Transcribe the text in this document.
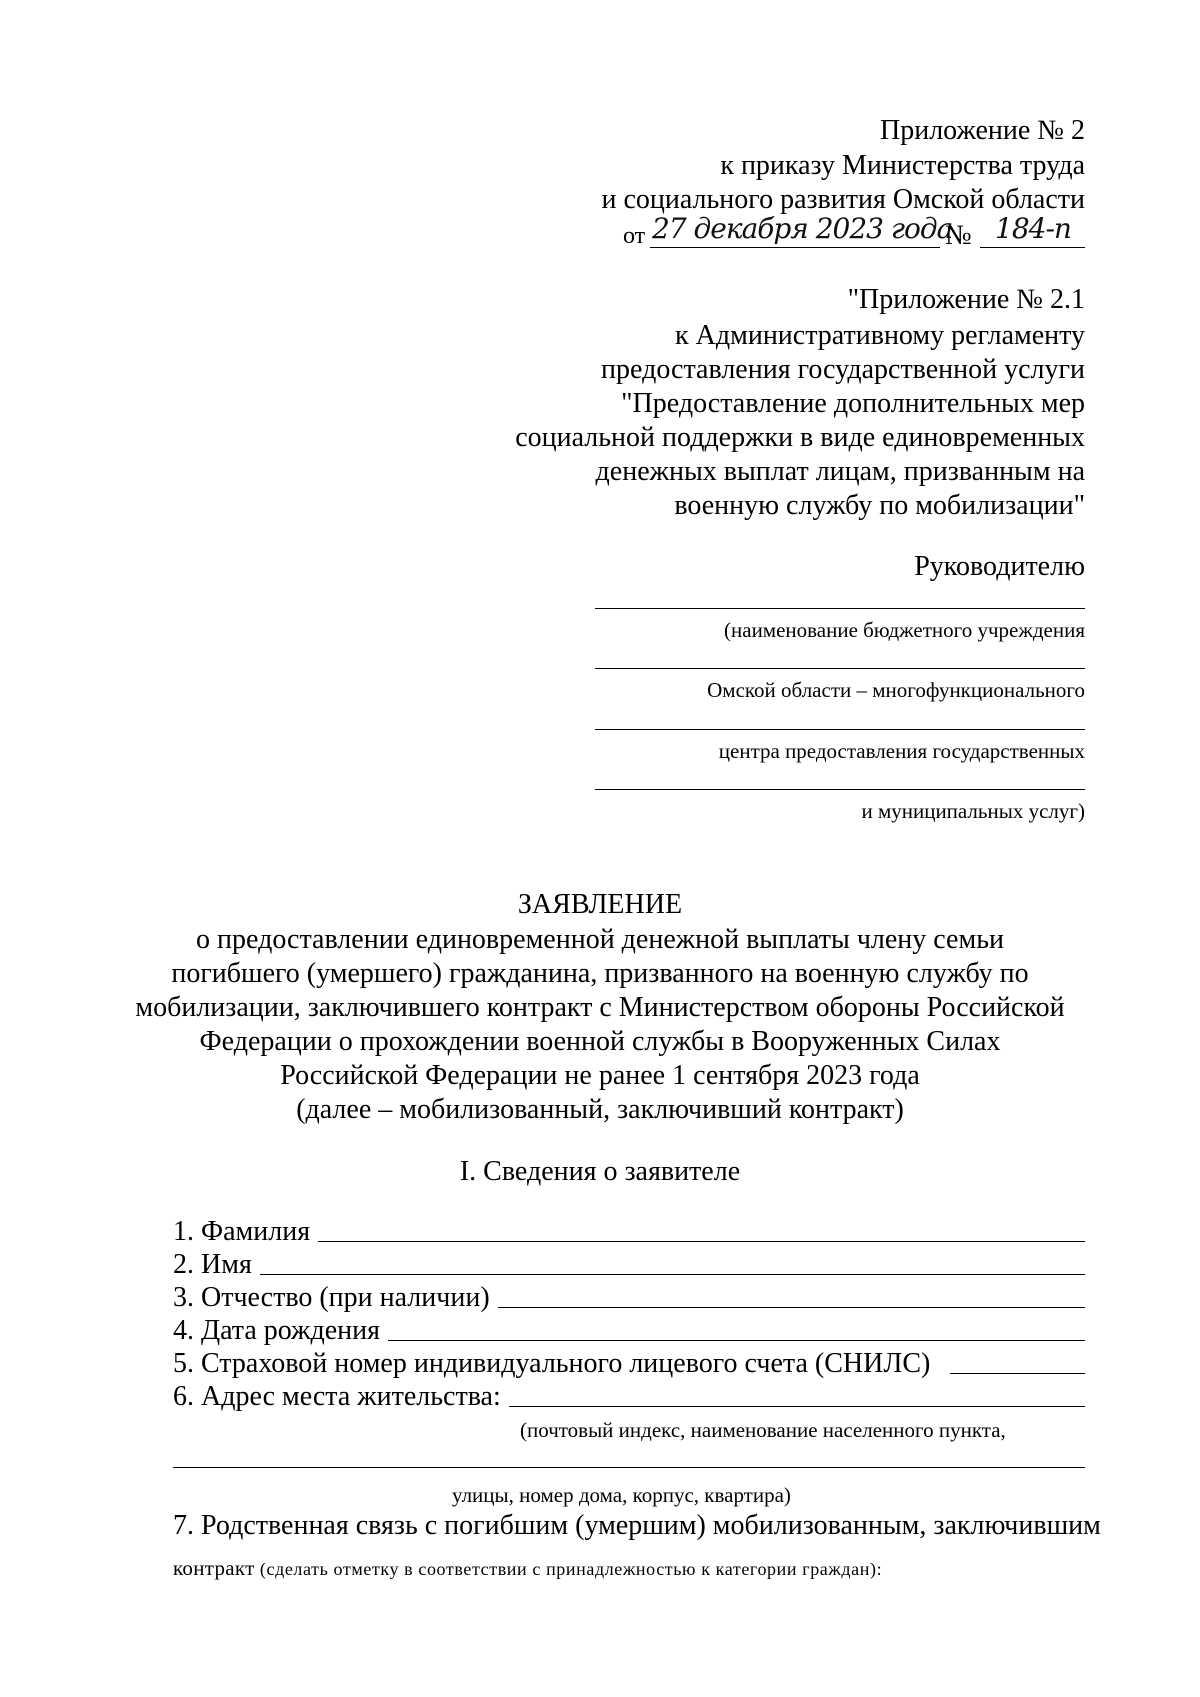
Приложение № 2
к приказу Министерства труда
и социального развития Омской области
от 27 декабря 2023 года
№ 184-п
"Приложение № 2.1
к Административному регламенту
предоставления государственной услуги
"Предоставление дополнительных мер
социальной поддержки в виде единовременных
денежных выплат лицам, призванным на
военную службу по мобилизации"
Руководителю
(наименование бюджетного учреждения
Омской области – многофункционального
центра предоставления государственных
и муниципальных услуг)
ЗАЯВЛЕНИЕ
о предоставлении единовременной денежной выплаты члену семьи
погибшего (умершего) гражданина, призванного на военную службу по
мобилизации, заключившего контракт с Министерством обороны Российской
Федерации о прохождении военной службы в Вооруженных Силах
Российской Федерации не ранее 1 сентября 2023 года
(далее – мобилизованный, заключивший контракт)
I. Сведения о заявителе
1. Фамилия
2. Имя
3. Отчество (при наличии)
4. Дата рождения
5. Страховой номер индивидуального лицевого счета (СНИЛС)
6. Адрес места жительства:
(почтовый индекс, наименование населенного пункта,
улицы, номер дома, корпус, квартира)
7. Родственная связь с погибшим (умершим) мобилизованным, заключившим
контракт (сделать отметку в соответствии с принадлежностью к категории граждан):
